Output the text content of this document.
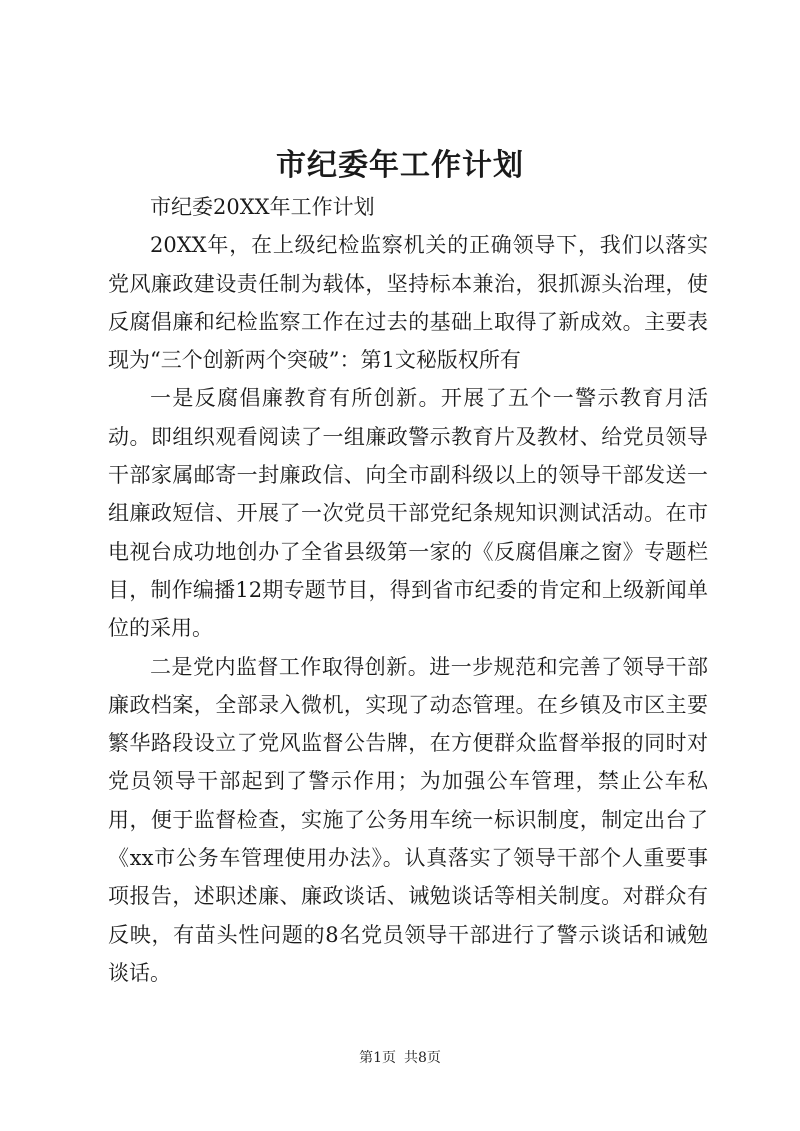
市纪委年工作计划

市纪委20XX年工作计划

20XX年，在上级纪检监察机关的正确领导下，我们以落实党风廉政建设责任制为载体，坚持标本兼治，狠抓源头治理，使反腐倡廉和纪检监察工作在过去的基础上取得了新成效。主要表现为“三个创新两个突破”：第1文秘版权所有

一是反腐倡廉教育有所创新。开展了五个一警示教育月活动。即组织观看阅读了一组廉政警示教育片及教材、给党员领导干部家属邮寄一封廉政信、向全市副科级以上的领导干部发送一组廉政短信、开展了一次党员干部党纪条规知识测试活动。在市电视台成功地创办了全省县级第一家的《反腐倡廉之窗》专题栏目，制作编播12期专题节目，得到省市纪委的肯定和上级新闻单位的采用。

二是党内监督工作取得创新。进一步规范和完善了领导干部廉政档案，全部录入微机，实现了动态管理。在乡镇及市区主要繁华路段设立了党风监督公告牌，在方便群众监督举报的同时对党员领导干部起到了警示作用；为加强公车管理，禁止公车私用，便于监督检查，实施了公务用车统一标识制度，制定出台了《xx市公务车管理使用办法》。认真落实了领导干部个人重要事项报告，述职述廉、廉政谈话、诫勉谈话等相关制度。对群众有反映，有苗头性问题的8名党员领导干部进行了警示谈话和诫勉谈话。

第1页 共8页
